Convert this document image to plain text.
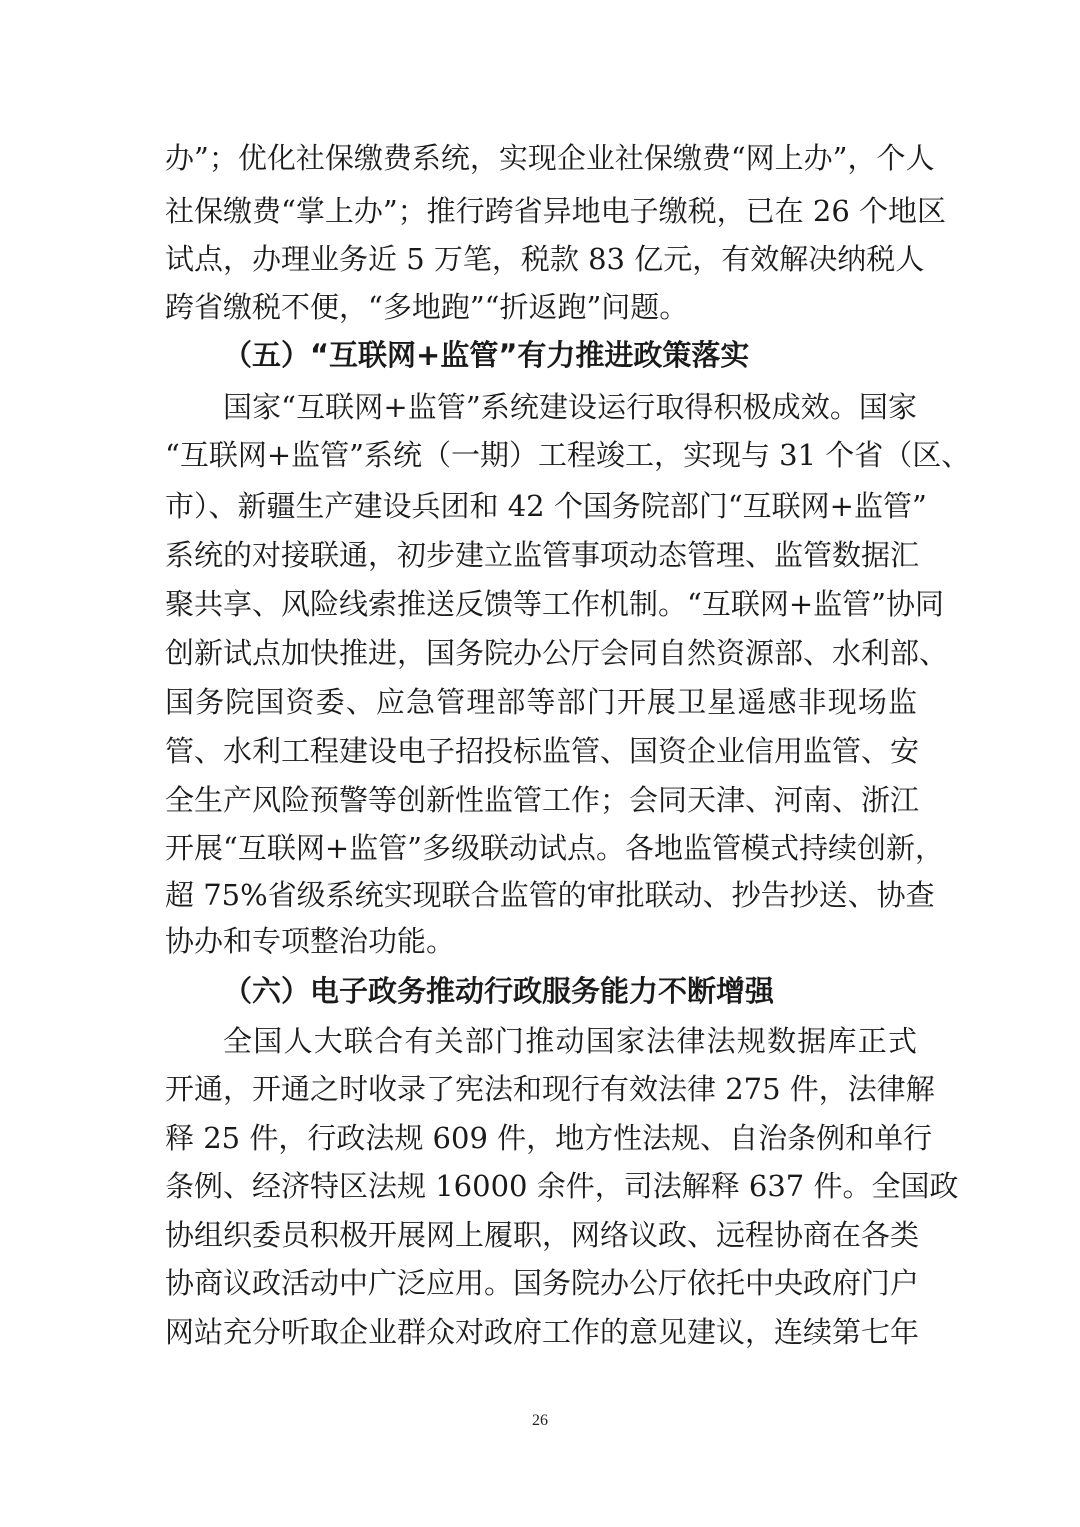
办”；优化社保缴费系统，实现企业社保缴费“网上办”，个人
社保缴费“掌上办”；推行跨省异地电子缴税，已在 26 个地区
试点，办理业务近 5 万笔，税款 83 亿元，有效解决纳税人
跨省缴税不便，“多地跑”“折返跑”问题。
（五）“互联网+监管”有力推进政策落实
国家“互联网+监管”系统建设运行取得积极成效。国家
“互联网+监管”系统（一期）工程竣工，实现与 31 个省（区、
市）、新疆生产建设兵团和 42 个国务院部门“互联网+监管”
系统的对接联通，初步建立监管事项动态管理、监管数据汇
聚共享、风险线索推送反馈等工作机制。“互联网+监管”协同
创新试点加快推进，国务院办公厅会同自然资源部、水利部、
国务院国资委、应急管理部等部门开展卫星遥感非现场监
管、水利工程建设电子招投标监管、国资企业信用监管、安
全生产风险预警等创新性监管工作；会同天津、河南、浙江
开展“互联网+监管”多级联动试点。各地监管模式持续创新，
超 75%省级系统实现联合监管的审批联动、抄告抄送、协查
协办和专项整治功能。
（六）电子政务推动行政服务能力不断增强
全国人大联合有关部门推动国家法律法规数据库正式
开通，开通之时收录了宪法和现行有效法律 275 件，法律解
释 25 件，行政法规 609 件，地方性法规、自治条例和单行
条例、经济特区法规 16000 余件，司法解释 637 件。全国政
协组织委员积极开展网上履职，网络议政、远程协商在各类
协商议政活动中广泛应用。国务院办公厅依托中央政府门户
网站充分听取企业群众对政府工作的意见建议，连续第七年
26
